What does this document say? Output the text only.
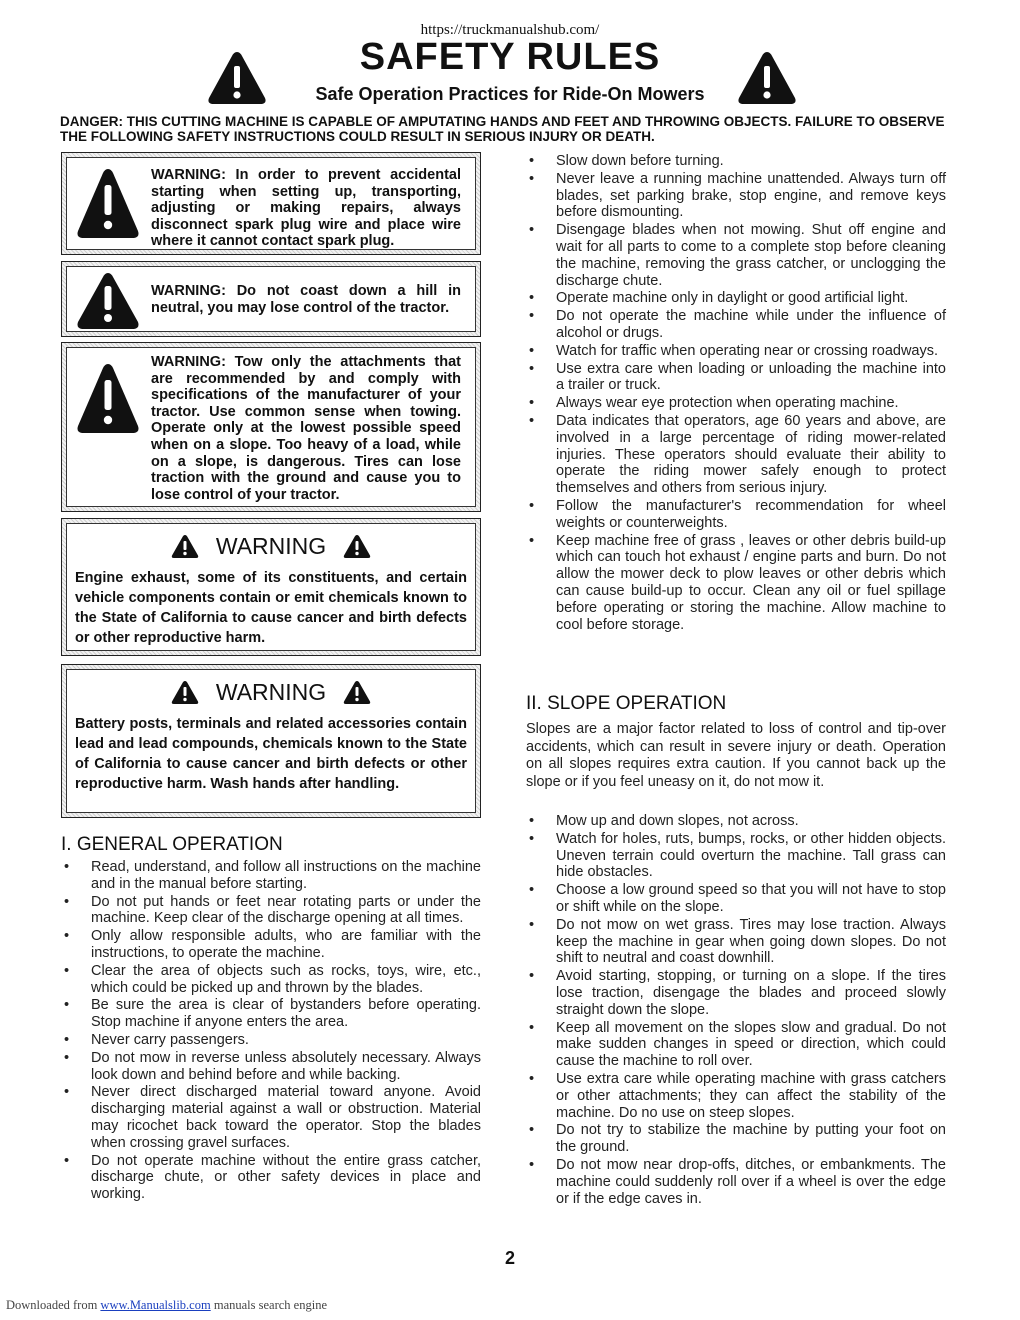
https://truckmanualshub.com/
SAFETY RULES
Safe Operation Practices for Ride-On Mowers
DANGER: THIS CUTTING MACHINE IS CAPABLE OF AMPUTATING HANDS AND FEET AND THROWING OBJECTS. FAILURE TO OBSERVE THE FOLLOWING SAFETY INSTRUCTIONS COULD RESULT IN SERIOUS INJURY OR DEATH.
WARNING: In order to prevent accidental starting when setting up, transporting, adjusting or making repairs, always disconnect spark plug wire and place wire where it cannot contact spark plug.
WARNING: Do not coast down a hill in neutral, you may lose control of the tractor.
WARNING: Tow only the attachments that are recommended by and comply with specifications of the manufacturer of your tractor. Use common sense when towing. Operate only at the lowest possible speed when on a slope. Too heavy of a load, while on a slope, is dangerous. Tires can lose traction with the ground and cause you to lose control of your tractor.
WARNING
Engine exhaust, some of its constituents, and certain vehicle components contain or emit chemicals known to the State of California to cause cancer and birth defects or other reproductive harm.
WARNING
Battery posts, terminals and related accessories contain lead and lead compounds, chemicals known to the State of California to cause cancer and birth defects or other reproductive harm. Wash hands after handling.
I. GENERAL OPERATION
• Read, understand, and follow all instructions on the machine and in the manual before starting.
• Do not put hands or feet near rotating parts or under the machine. Keep clear of the discharge opening at all times.
• Only allow responsible adults, who are familiar with the instructions, to operate the machine.
• Clear the area of objects such as rocks, toys, wire, etc., which could be picked up and thrown by the blades.
• Be sure the area is clear of bystanders before operating. Stop machine if anyone enters the area.
• Never carry passengers.
• Do not mow in reverse unless absolutely necessary. Always look down and behind before and while backing.
• Never direct discharged material toward anyone. Avoid discharging material against a wall or obstruction. Material may ricochet back toward the operator. Stop the blades when crossing gravel surfaces.
• Do not operate machine without the entire grass catcher, discharge chute, or other safety devices in place and working.
• Slow down before turning.
• Never leave a running machine unattended. Always turn off blades, set parking brake, stop engine, and remove keys before dismounting.
• Disengage blades when not mowing. Shut off engine and wait for all parts to come to a complete stop before cleaning the machine, removing the grass catcher, or unclogging the discharge chute.
• Operate machine only in daylight or good artificial light.
• Do not operate the machine while under the influence of alcohol or drugs.
• Watch for traffic when operating near or crossing roadways.
• Use extra care when loading or unloading the machine into a trailer or truck.
• Always wear eye protection when operating machine.
• Data indicates that operators, age 60 years and above, are involved in a large percentage of riding mower-related injuries. These operators should evaluate their ability to operate the riding mower safely enough to protect themselves and others from serious injury.
• Follow the manufacturer's recommendation for wheel weights or counterweights.
• Keep machine free of grass , leaves or other debris build-up which can touch hot exhaust / engine parts and burn. Do not allow the mower deck to plow leaves or other debris which can cause build-up to occur. Clean any oil or fuel spillage before operating or storing the machine. Allow machine to cool before storage.
II. SLOPE OPERATION
Slopes are a major factor related to loss of control and tip-over accidents, which can result in severe injury or death. Operation on all slopes requires extra caution. If you cannot back up the slope or if you feel uneasy on it, do not mow it.
• Mow up and down slopes, not across.
• Watch for holes, ruts, bumps, rocks, or other hidden objects. Uneven terrain could overturn the machine. Tall grass can hide obstacles.
• Choose a low ground speed so that you will not have to stop or shift while on the slope.
• Do not mow on wet grass. Tires may lose traction. Always keep the machine in gear when going down slopes. Do not shift to neutral and coast downhill.
• Avoid starting, stopping, or turning on a slope. If the tires lose traction, disengage the blades and proceed slowly straight down the slope.
• Keep all movement on the slopes slow and gradual. Do not make sudden changes in speed or direction, which could cause the machine to roll over.
• Use extra care while operating machine with grass catchers or other attachments; they can affect the stability of the machine. Do no use on steep slopes.
• Do not try to stabilize the machine by putting your foot on the ground.
• Do not mow near drop-offs, ditches, or embankments. The machine could suddenly roll over if a wheel is over the edge or if the edge caves in.
2
Downloaded from www.Manualslib.com manuals search engine
